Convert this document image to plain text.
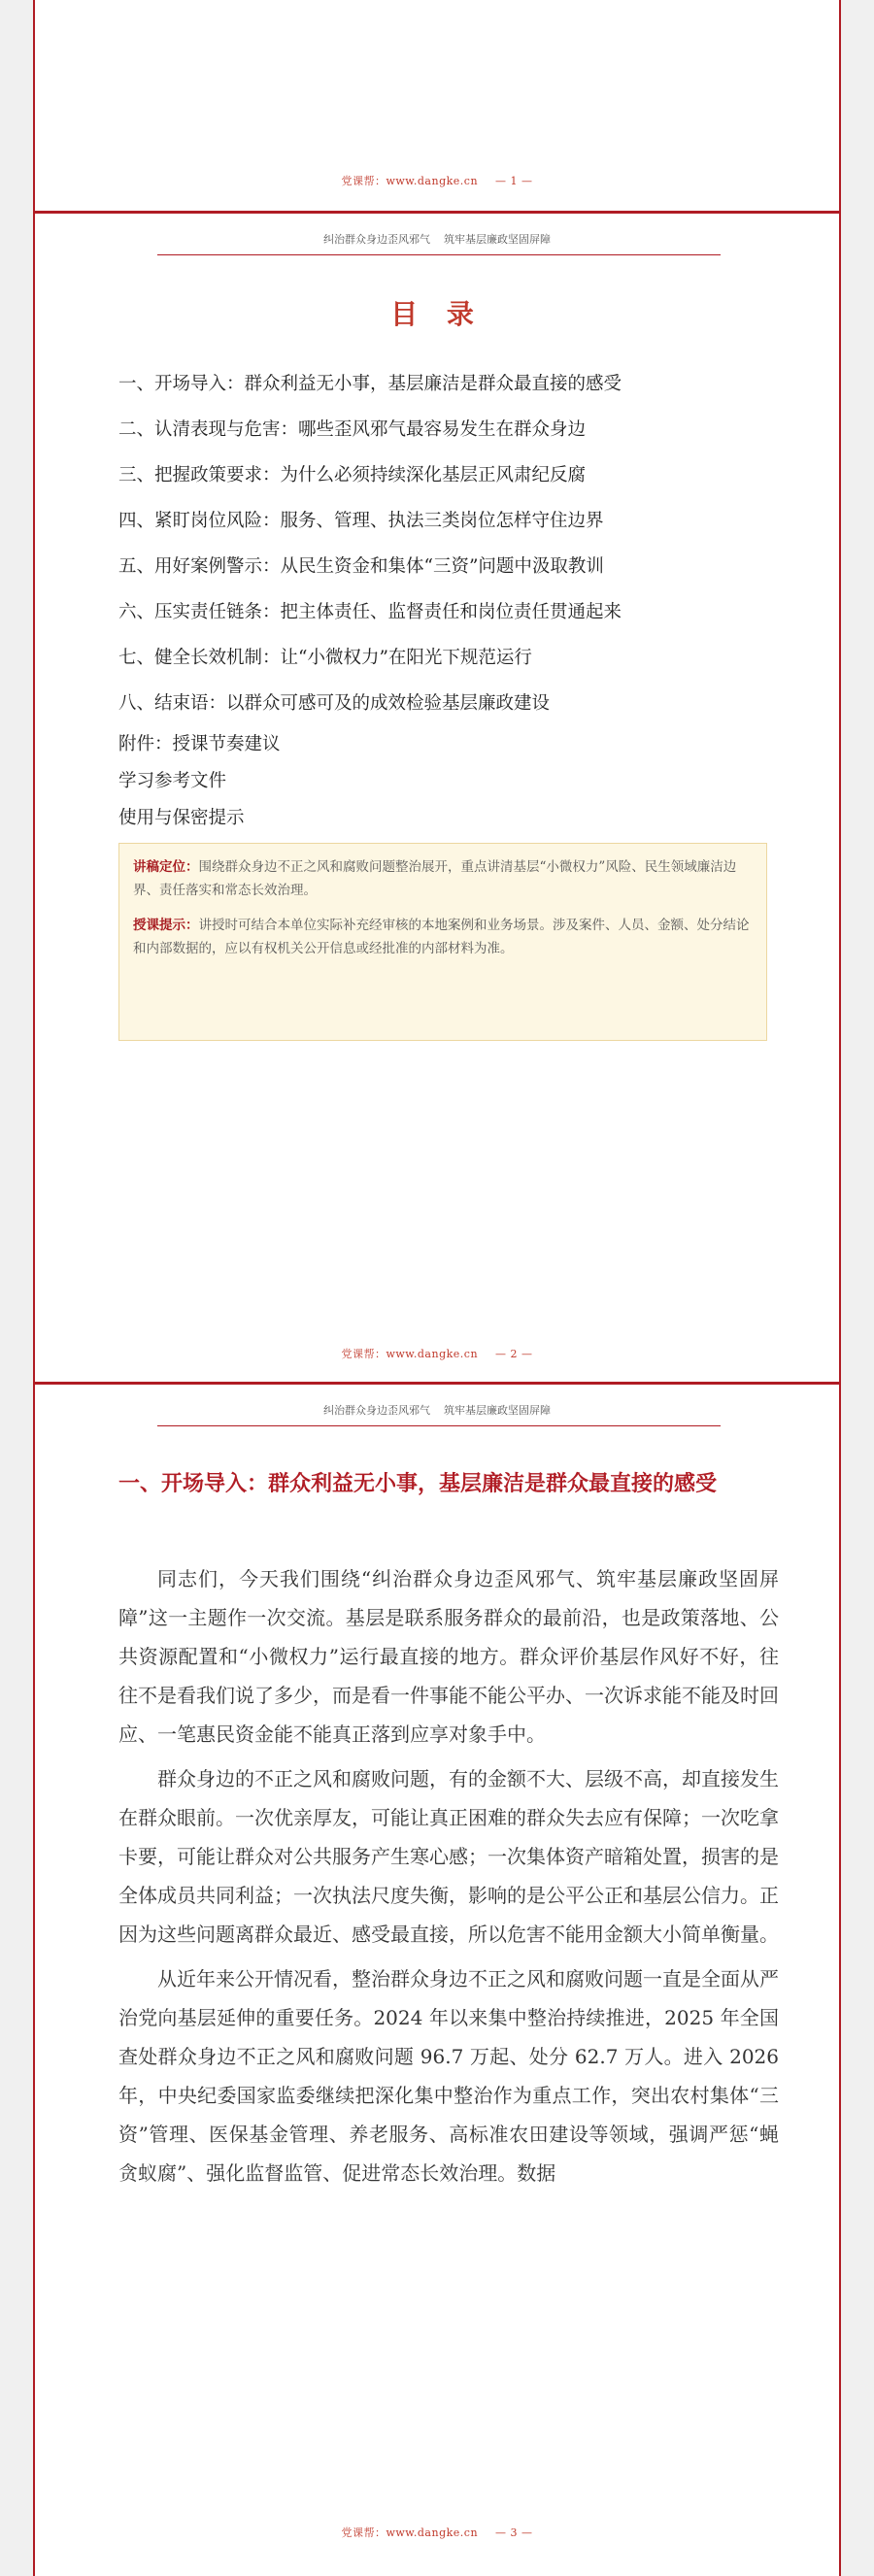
党课帮：www.dangke.cn — 1 —
纠治群众身边歪风邪气 筑牢基层廉政坚固屏障
目 录
一、开场导入：群众利益无小事，基层廉洁是群众最直接的感受
二、认清表现与危害：哪些歪风邪气最容易发生在群众身边
三、把握政策要求：为什么必须持续深化基层正风肃纪反腐
四、紧盯岗位风险：服务、管理、执法三类岗位怎样守住边界
五、用好案例警示：从民生资金和集体“三资”问题中汲取教训
六、压实责任链条：把主体责任、监督责任和岗位责任贯通起来
七、健全长效机制：让“小微权力”在阳光下规范运行
八、结束语：以群众可感可及的成效检验基层廉政建设
附件：授课节奏建议
学习参考文件
使用与保密提示

讲稿定位：围绕群众身边不正之风和腐败问题整治展开，重点讲清基层“小微权力”风险、民生领域廉洁边界、责任落实和常态长效治理。

授课提示：讲授时可结合本单位实际补充经审核的本地案例和业务场景。涉及案件、人员、金额、处分结论和内部数据的，应以有权机关公开信息或经批准的内部材料为准。

党课帮：www.dangke.cn — 2 —
纠治群众身边歪风邪气 筑牢基层廉政坚固屏障
一、开场导入：群众利益无小事，基层廉洁是群众最直接的感受

同志们，今天我们围绕“纠治群众身边歪风邪气、筑牢基层廉政坚固屏障”这一主题作一次交流。基层是联系服务群众的最前沿，也是政策落地、公共资源配置和“小微权力”运行最直接的地方。群众评价基层作风好不好，往往不是看我们说了多少，而是看一件事能不能公平办、一次诉求能不能及时回应、一笔惠民资金能不能真正落到应享对象手中。

群众身边的不正之风和腐败问题，有的金额不大、层级不高，却直接发生在群众眼前。一次优亲厚友，可能让真正困难的群众失去应有保障；一次吃拿卡要，可能让群众对公共服务产生寒心感；一次集体资产暗箱处置，损害的是全体成员共同利益；一次执法尺度失衡，影响的是公平公正和基层公信力。正因为这些问题离群众最近、感受最直接，所以危害不能用金额大小简单衡量。

从近年来公开情况看，整治群众身边不正之风和腐败问题一直是全面从严治党向基层延伸的重要任务。2024 年以来集中整治持续推进，2025 年全国查处群众身边不正之风和腐败问题 96.7 万起、处分 62.7 万人。进入 2026 年，中央纪委国家监委继续把深化集中整治作为重点工作，突出农村集体“三资”管理、医保基金管理、养老服务、高标准农田建设等领域，强调严惩“蝇贪蚁腐”、强化监督监管、促进常态长效治理。数据

党课帮：www.dangke.cn — 3 —
